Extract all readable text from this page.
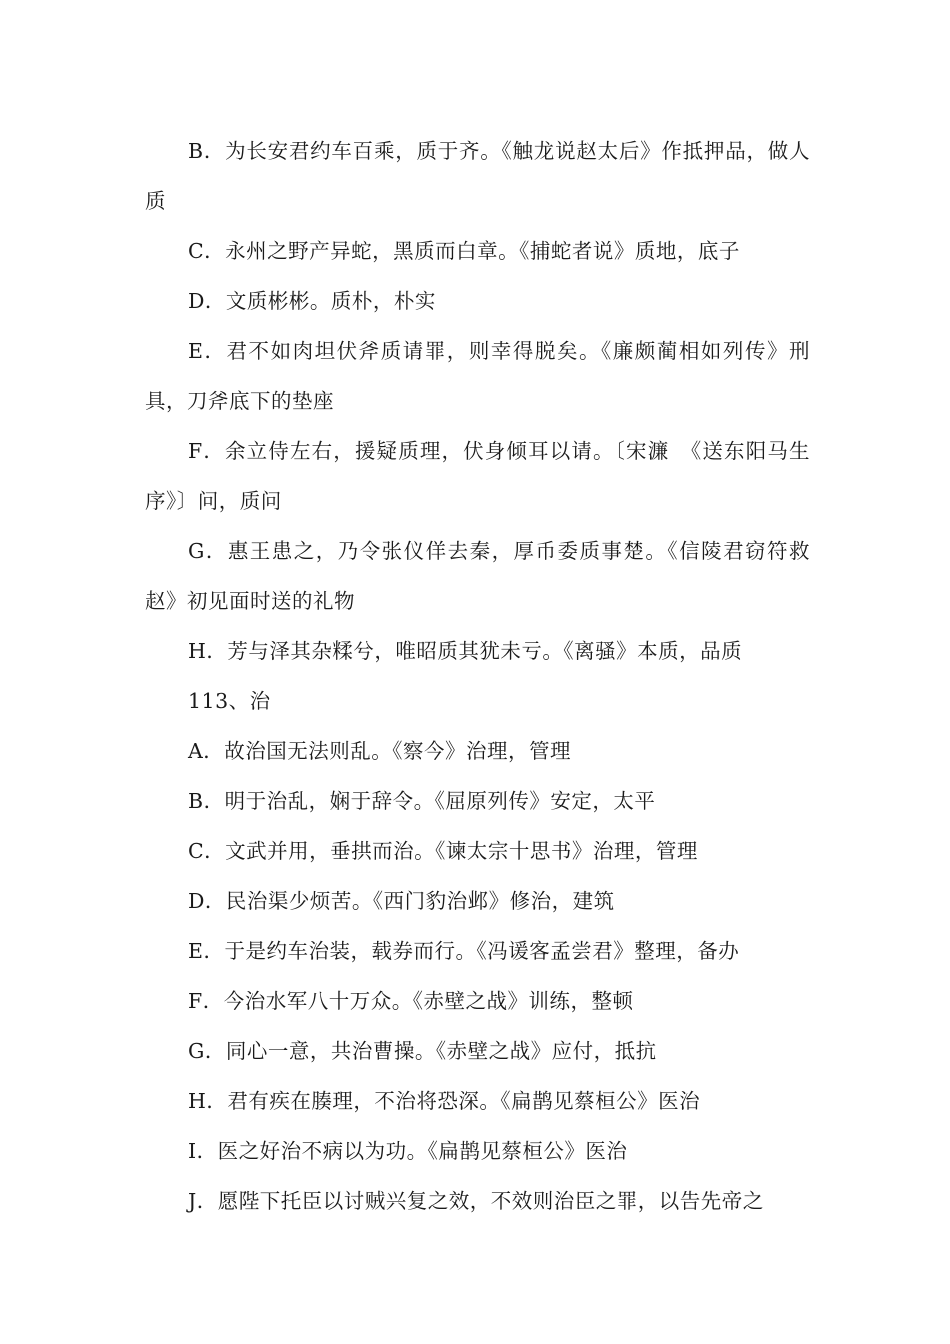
B．为长安君约车百乘，质于齐。《触龙说赵太后》作抵押品，做人质

C．永州之野产异蛇，黑质而白章。《捕蛇者说》质地，底子

D．文质彬彬。质朴，朴实

E．君不如肉坦伏斧质请罪，则幸得脱矣。《廉颇蔺相如列传》刑具，刀斧底下的垫座

F．余立侍左右，援疑质理，伏身倾耳以请。〔宋濂　《送东阳马生序》〕问，质问

G．惠王患之，乃令张仪佯去秦，厚币委质事楚。《信陵君窃符救赵》初见面时送的礼物

H．芳与泽其杂糅兮，唯昭质其犹未亏。《离骚》本质，品质

113、治

A．故治国无法则乱。《察今》治理，管理

B．明于治乱，娴于辞令。《屈原列传》安定，太平

C．文武并用，垂拱而治。《谏太宗十思书》治理，管理

D．民治渠少烦苦。《西门豹治邺》修治，建筑

E．于是约车治装，载券而行。《冯谖客孟尝君》整理，备办

F．今治水军八十万众。《赤壁之战》训练，整顿

G．同心一意，共治曹操。《赤壁之战》应付，抵抗

H．君有疾在腠理，不治将恐深。《扁鹊见蔡桓公》医治

I．医之好治不病以为功。《扁鹊见蔡桓公》医治

J．愿陛下托臣以讨贼兴复之效，不效则治臣之罪，以告先帝之
